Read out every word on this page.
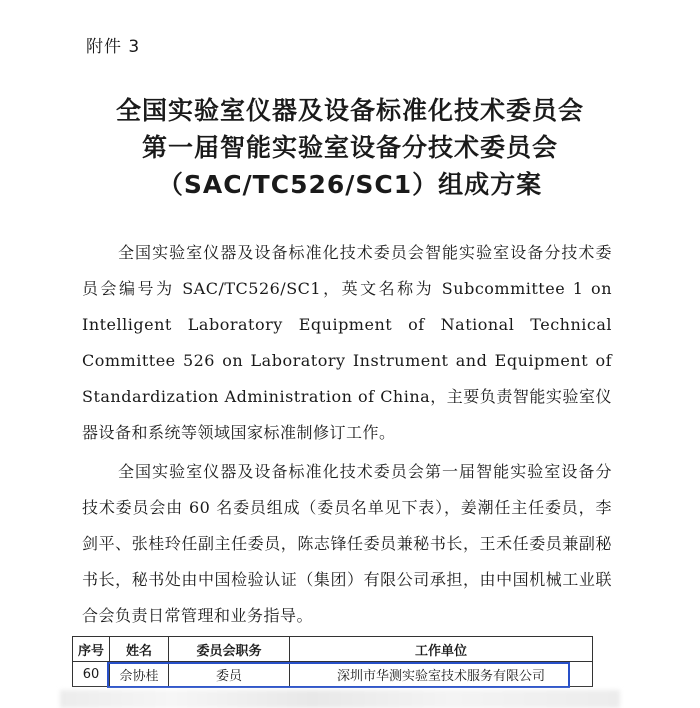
附件 3
全国实验室仪器及设备标准化技术委员会
第一届智能实验室设备分技术委员会
（SAC/TC526/SC1）组成方案
全国实验室仪器及设备标准化技术委员会智能实验室设备分技术委员会编号为 SAC/TC526/SC1，英文名称为 Subcommittee 1 on Intelligent Laboratory Equipment of National Technical Committee 526 on Laboratory Instrument and Equipment of Standardization Administration of China，主要负责智能实验室仪器设备和系统等领域国家标准制修订工作。
全国实验室仪器及设备标准化技术委员会第一届智能实验室设备分技术委员会由 60 名委员组成（委员名单见下表），姜潮任主任委员，李剑平、张桂玲任副主任委员，陈志锋任委员兼秘书长，王禾任委员兼副秘书长，秘书处由中国检验认证（集团）有限公司承担，由中国机械工业联合会负责日常管理和业务指导。
序号	姓名	委员会职务	工作单位
60	佘协桂	委员	深圳市华测实验室技术服务有限公司
